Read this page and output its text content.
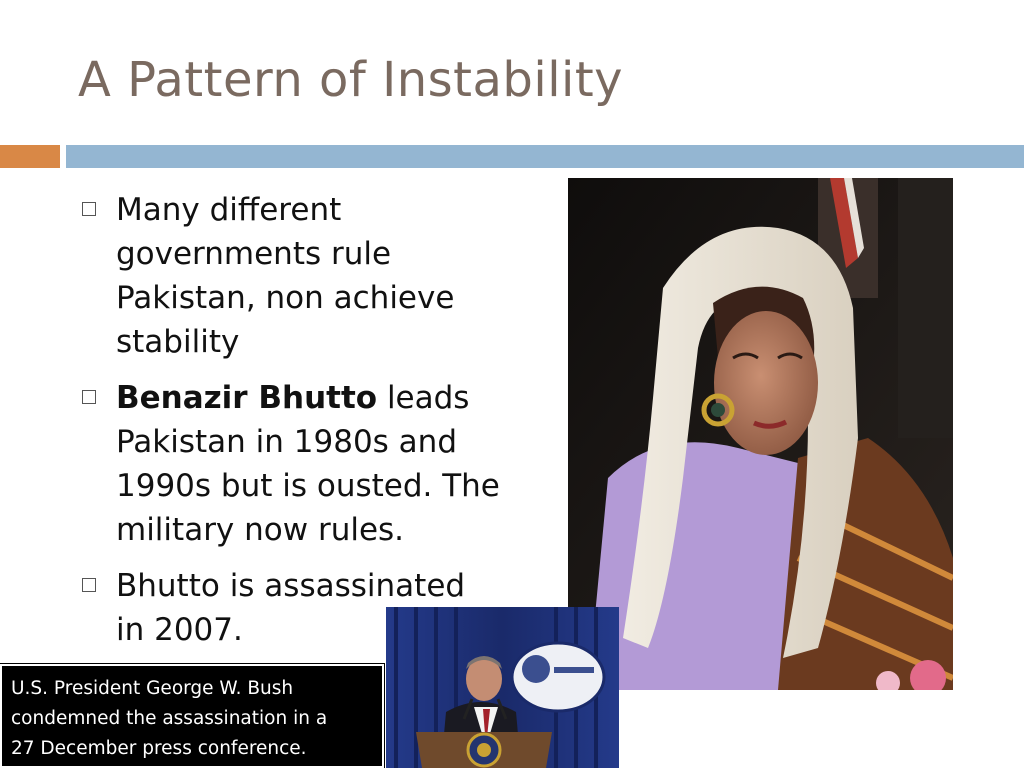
A Pattern of Instability
Many different governments rule Pakistan, non achieve stability
Benazir Bhutto leads Pakistan in 1980s and 1990s but is ousted. The military now rules.
Bhutto is assassinated in 2007.
U.S. President George W. Bush
condemned the assassination in a
27 December press conference.
